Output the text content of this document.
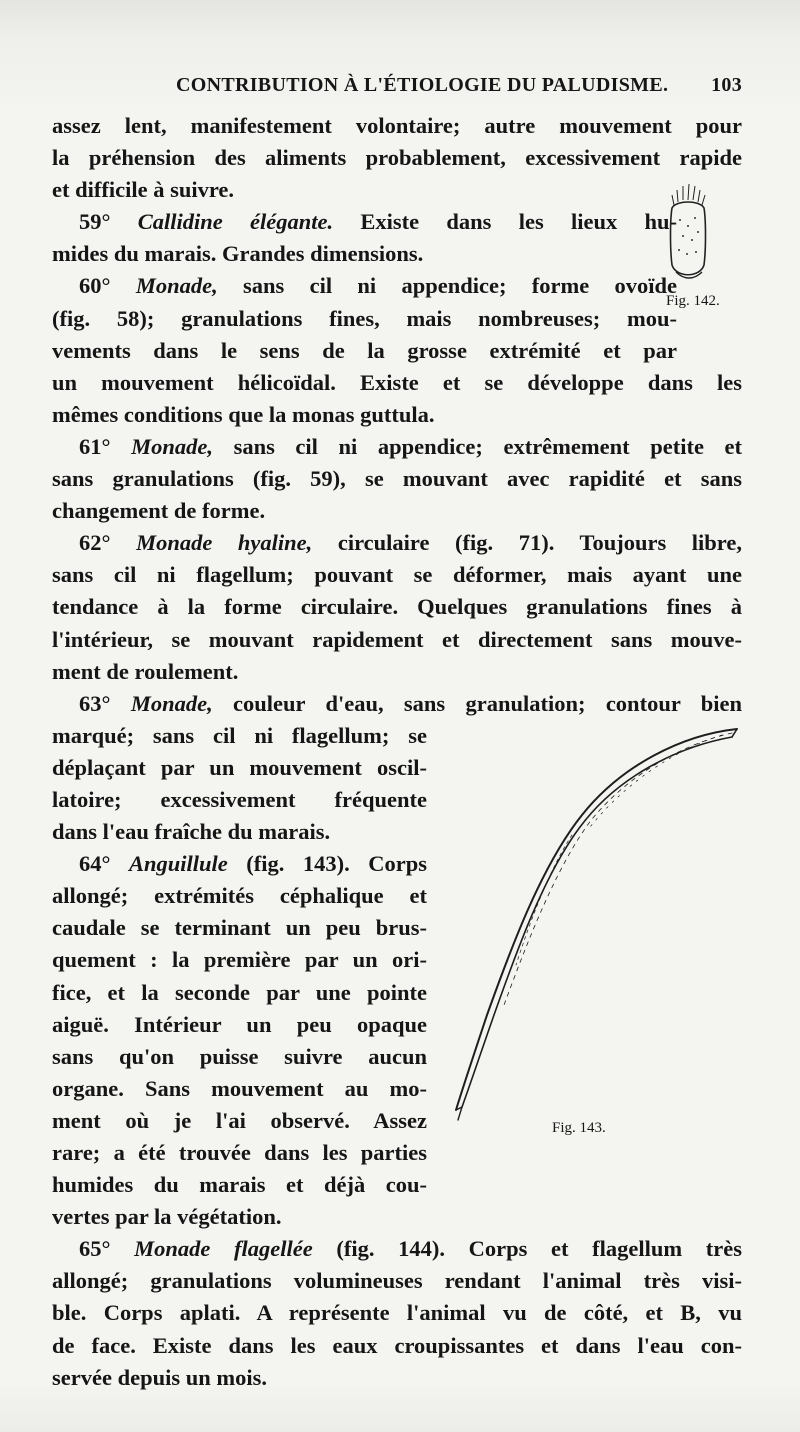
CONTRIBUTION À L'ÉTIOLOGIE DU PALUDISME. 103
assez lent, manifestement volontaire; autre mouvement pour
la préhension des aliments probablement, excessivement rapide
et difficile à suivre.
59° Callidine élégante. Existe dans les lieux hu-
mides du marais. Grandes dimensions.
60° Monade, sans cil ni appendice; forme ovoïde
(fig. 58); granulations fines, mais nombreuses; mou-
vements dans le sens de la grosse extrémité et par
un mouvement hélicoïdal. Existe et se développe dans les
mêmes conditions que la monas guttula.
61° Monade, sans cil ni appendice; extrêmement petite et
sans granulations (fig. 59), se mouvant avec rapidité et sans
changement de forme.
62° Monade hyaline, circulaire (fig. 71). Toujours libre,
sans cil ni flagellum; pouvant se déformer, mais ayant une
tendance à la forme circulaire. Quelques granulations fines à
l'intérieur, se mouvant rapidement et directement sans mouve-
ment de roulement.
63° Monade, couleur d'eau, sans granulation; contour bien
marqué; sans cil ni flagellum; se
déplaçant par un mouvement oscil-
latoire; excessivement fréquente
dans l'eau fraîche du marais.
64° Anguillule (fig. 143). Corps
allongé; extrémités céphalique et
caudale se terminant un peu brus-
quement : la première par un ori-
fice, et la seconde par une pointe
aiguë. Intérieur un peu opaque
sans qu'on puisse suivre aucun
organe. Sans mouvement au mo-
ment où je l'ai observé. Assez
rare; a été trouvée dans les parties
humides du marais et déjà cou-
vertes par la végétation.
65° Monade flagellée (fig. 144). Corps et flagellum très
allongé; granulations volumineuses rendant l'animal très visi-
ble. Corps aplati. A représente l'animal vu de côté, et B, vu
de face. Existe dans les eaux croupissantes et dans l'eau con-
servée depuis un mois.
Fig. 142.
Fig. 143.
